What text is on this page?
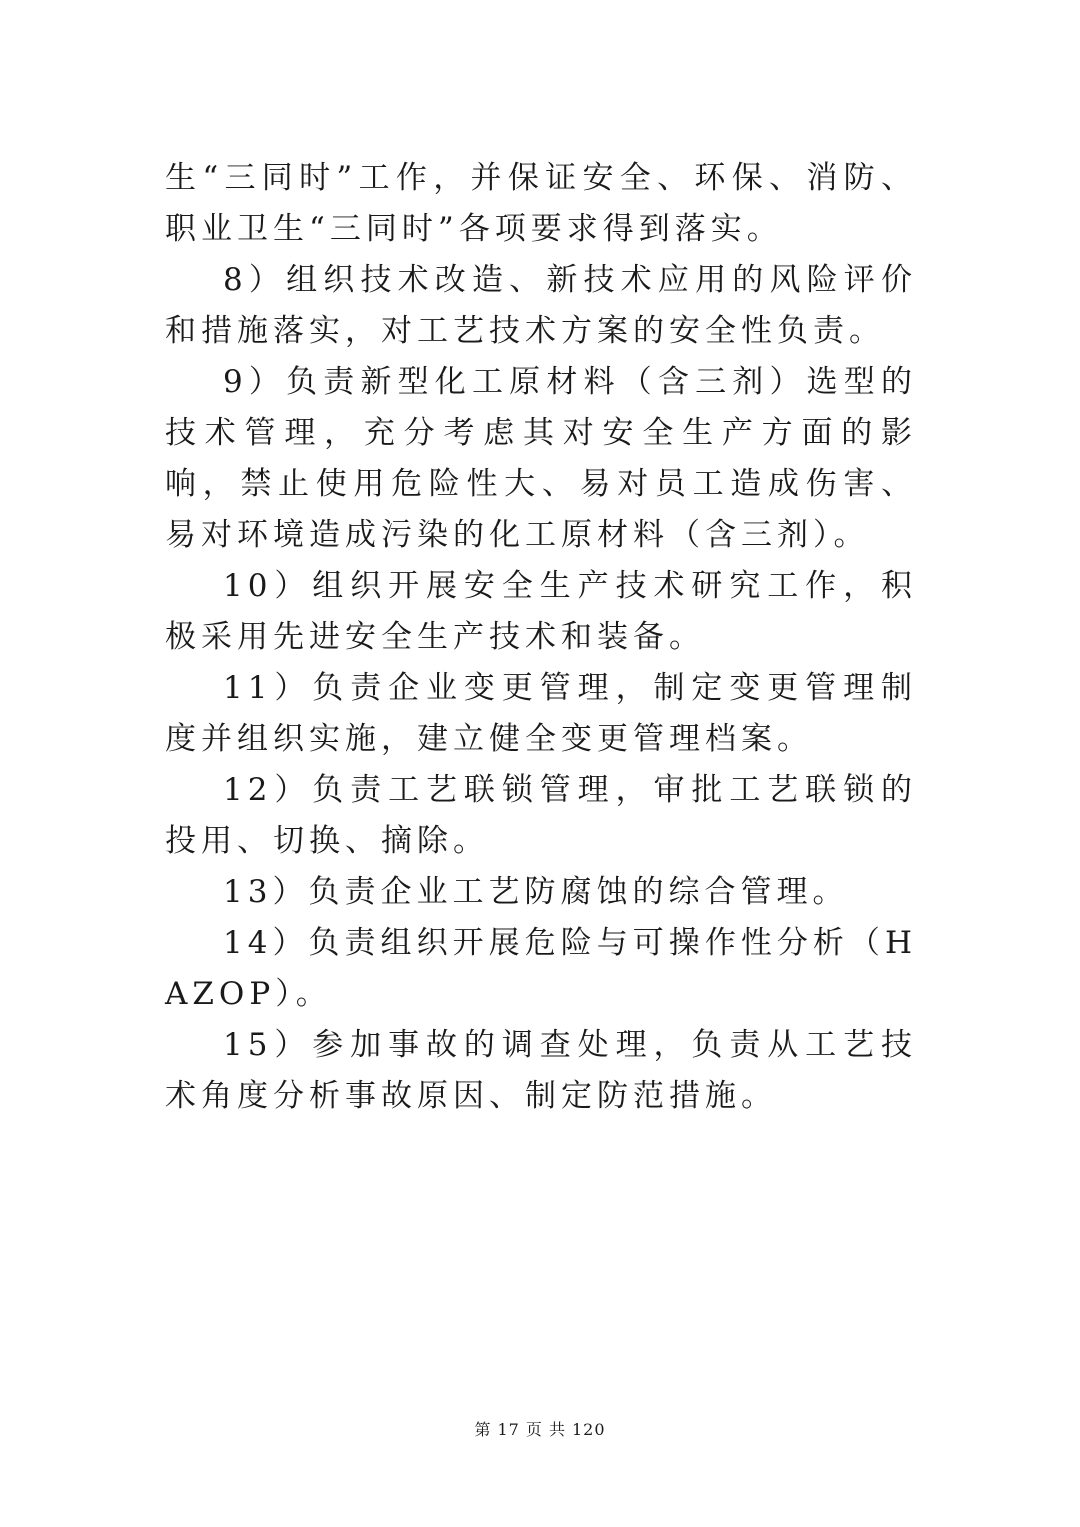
生“三同时”工作，并保证安全、环保、消防、职业卫生“三同时”各项要求得到落实。

8）组织技术改造、新技术应用的风险评价和措施落实，对工艺技术方案的安全性负责。

9）负责新型化工原材料（含三剂）选型的技术管理，充分考虑其对安全生产方面的影响，禁止使用危险性大、易对员工造成伤害、易对环境造成污染的化工原材料（含三剂）。

10）组织开展安全生产技术研究工作，积极采用先进安全生产技术和装备。

11）负责企业变更管理，制定变更管理制度并组织实施，建立健全变更管理档案。

12）负责工艺联锁管理，审批工艺联锁的投用、切换、摘除。

13）负责企业工艺防腐蚀的综合管理。

14）负责组织开展危险与可操作性分析（HAZOP）。

15）参加事故的调查处理，负责从工艺技术角度分析事故原因、制定防范措施。

第 17 页 共 120
